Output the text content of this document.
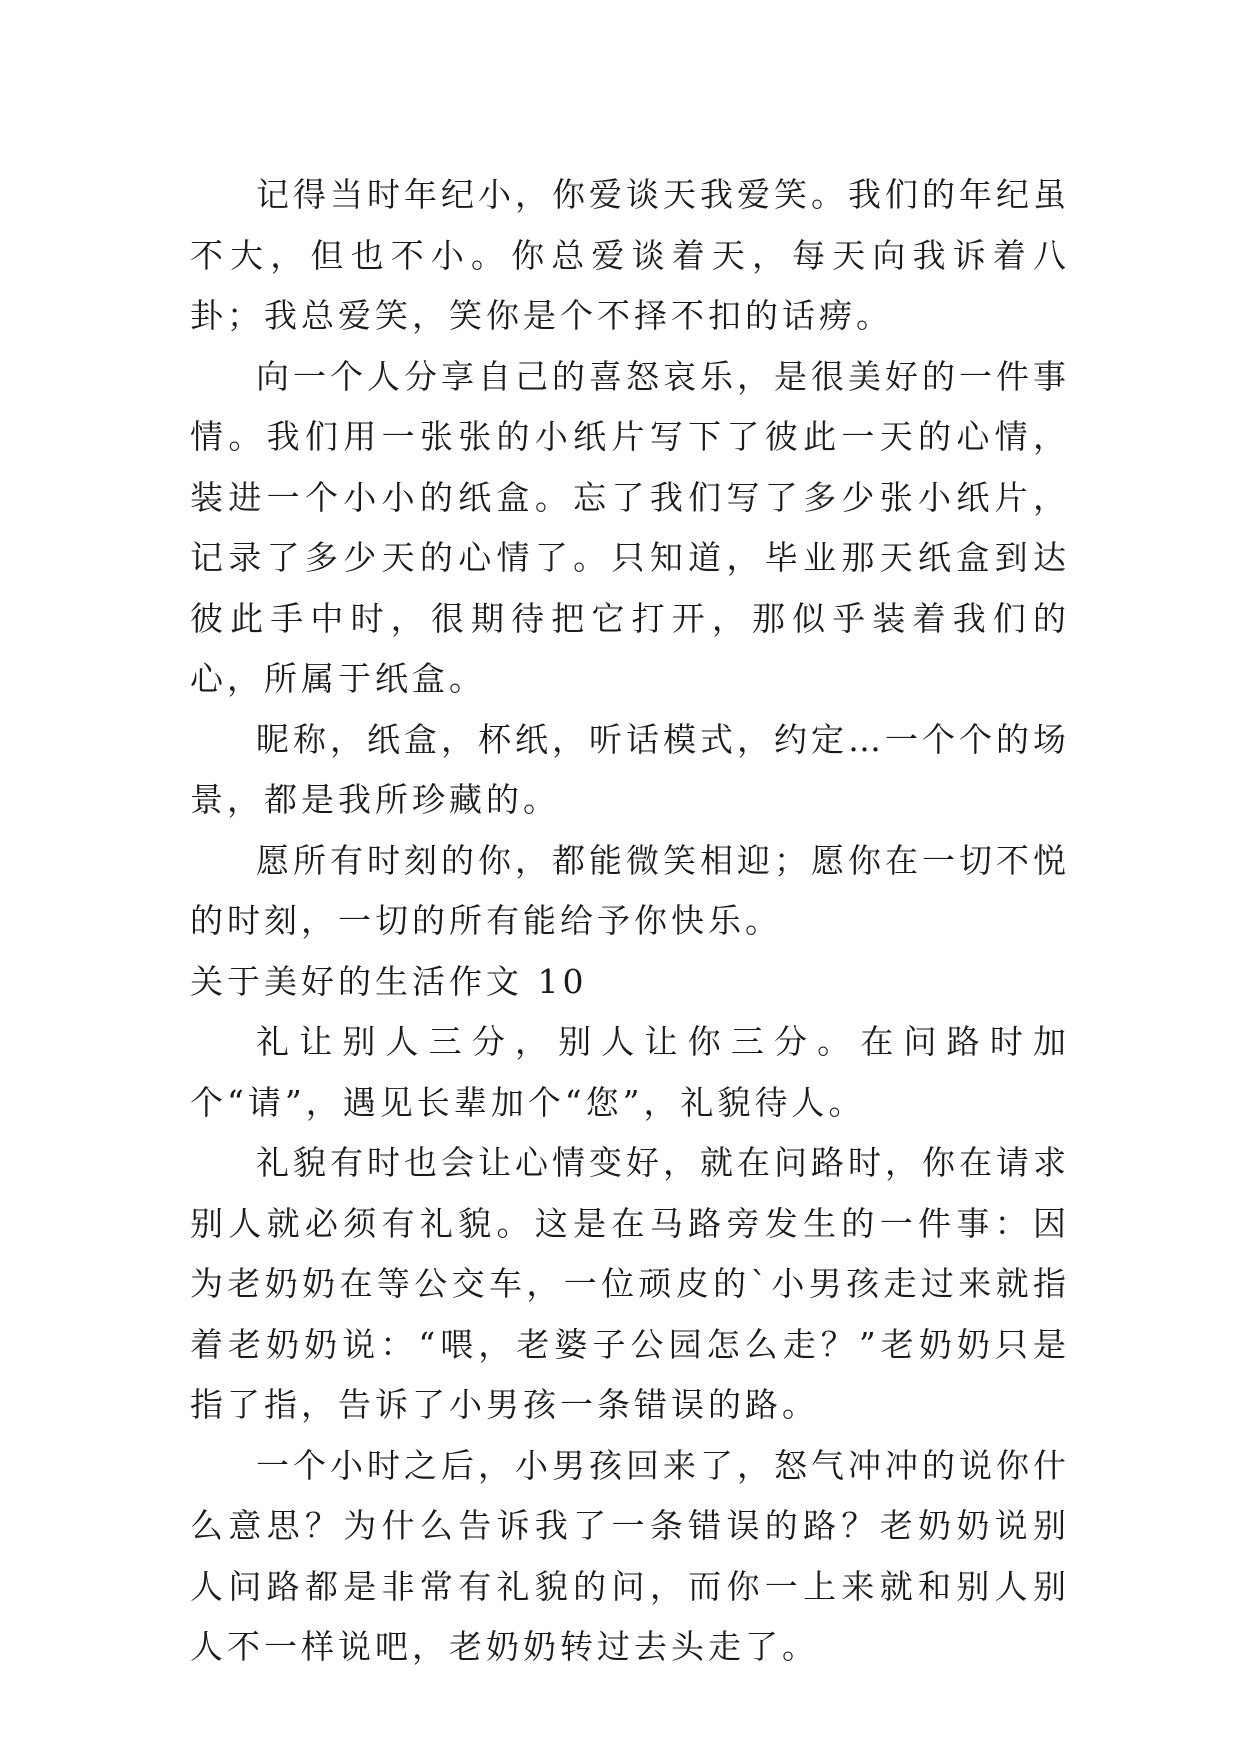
记得当时年纪小，你爱谈天我爱笑。我们的年纪虽不大，但也不小。你总爱谈着天，每天向我诉着八卦；我总爱笑，笑你是个不择不扣的话痨。

向一个人分享自己的喜怒哀乐，是很美好的一件事情。我们用一张张的小纸片写下了彼此一天的心情，装进一个小小的纸盒。忘了我们写了多少张小纸片，记录了多少天的心情了。只知道，毕业那天纸盒到达彼此手中时，很期待把它打开，那似乎装着我们的心，所属于纸盒。

昵称，纸盒，杯纸，听话模式，约定…一个个的场景，都是我所珍藏的。

愿所有时刻的你，都能微笑相迎；愿你在一切不悦的时刻，一切的所有能给予你快乐。

关于美好的生活作文 10

礼让别人三分，别人让你三分。在问路时加个“请”，遇见长辈加个“您”，礼貌待人。

礼貌有时也会让心情变好，就在问路时，你在请求别人就必须有礼貌。这是在马路旁发生的一件事：因为老奶奶在等公交车，一位顽皮的`小男孩走过来就指着老奶奶说：“喂，老婆子公园怎么走？”老奶奶只是指了指，告诉了小男孩一条错误的路。

一个小时之后，小男孩回来了，怒气冲冲的说你什么意思？为什么告诉我了一条错误的路？老奶奶说别人问路都是非常有礼貌的问，而你一上来就和别人别人不一样说吧，老奶奶转过去头走了。
